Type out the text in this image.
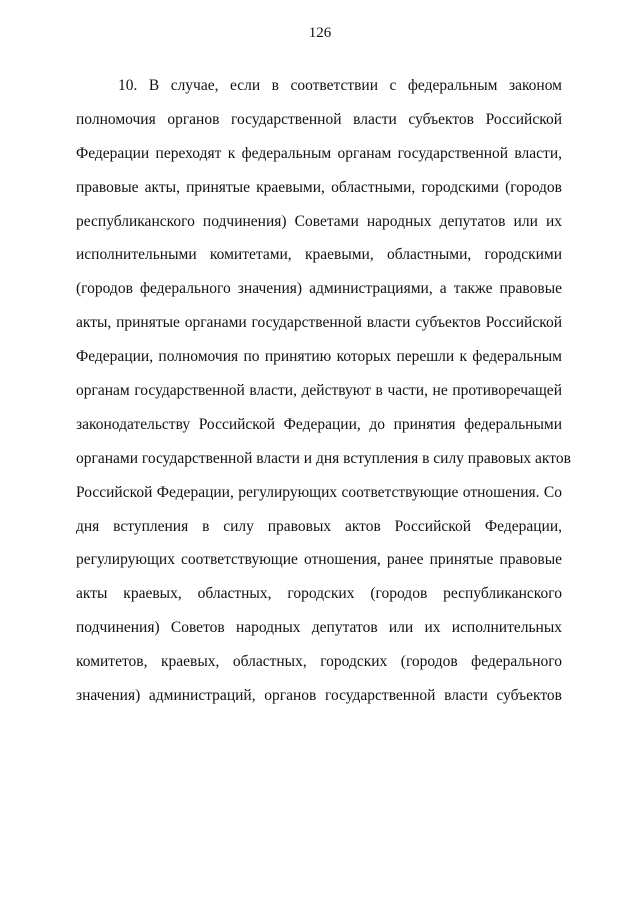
126
10. В случае, если в соответствии с федеральным законом
полномочия органов государственной власти субъектов Российской
Федерации переходят к федеральным органам государственной власти,
правовые акты, принятые краевыми, областными, городскими (городов
республиканского подчинения) Советами народных депутатов или их
исполнительными комитетами, краевыми, областными, городскими
(городов федерального значения) администрациями, а также правовые
акты, принятые органами государственной власти субъектов Российской
Федерации, полномочия по принятию которых перешли к федеральным
органам государственной власти, действуют в части, не противоречащей
законодательству Российской Федерации, до принятия федеральными
органами государственной власти и дня вступления в силу правовых актов
Российской Федерации, регулирующих соответствующие отношения. Со
дня вступления в силу правовых актов Российской Федерации,
регулирующих соответствующие отношения, ранее принятые правовые
акты краевых, областных, городских (городов республиканского
подчинения) Советов народных депутатов или их исполнительных
комитетов, краевых, областных, городских (городов федерального
значения) администраций, органов государственной власти субъектов
